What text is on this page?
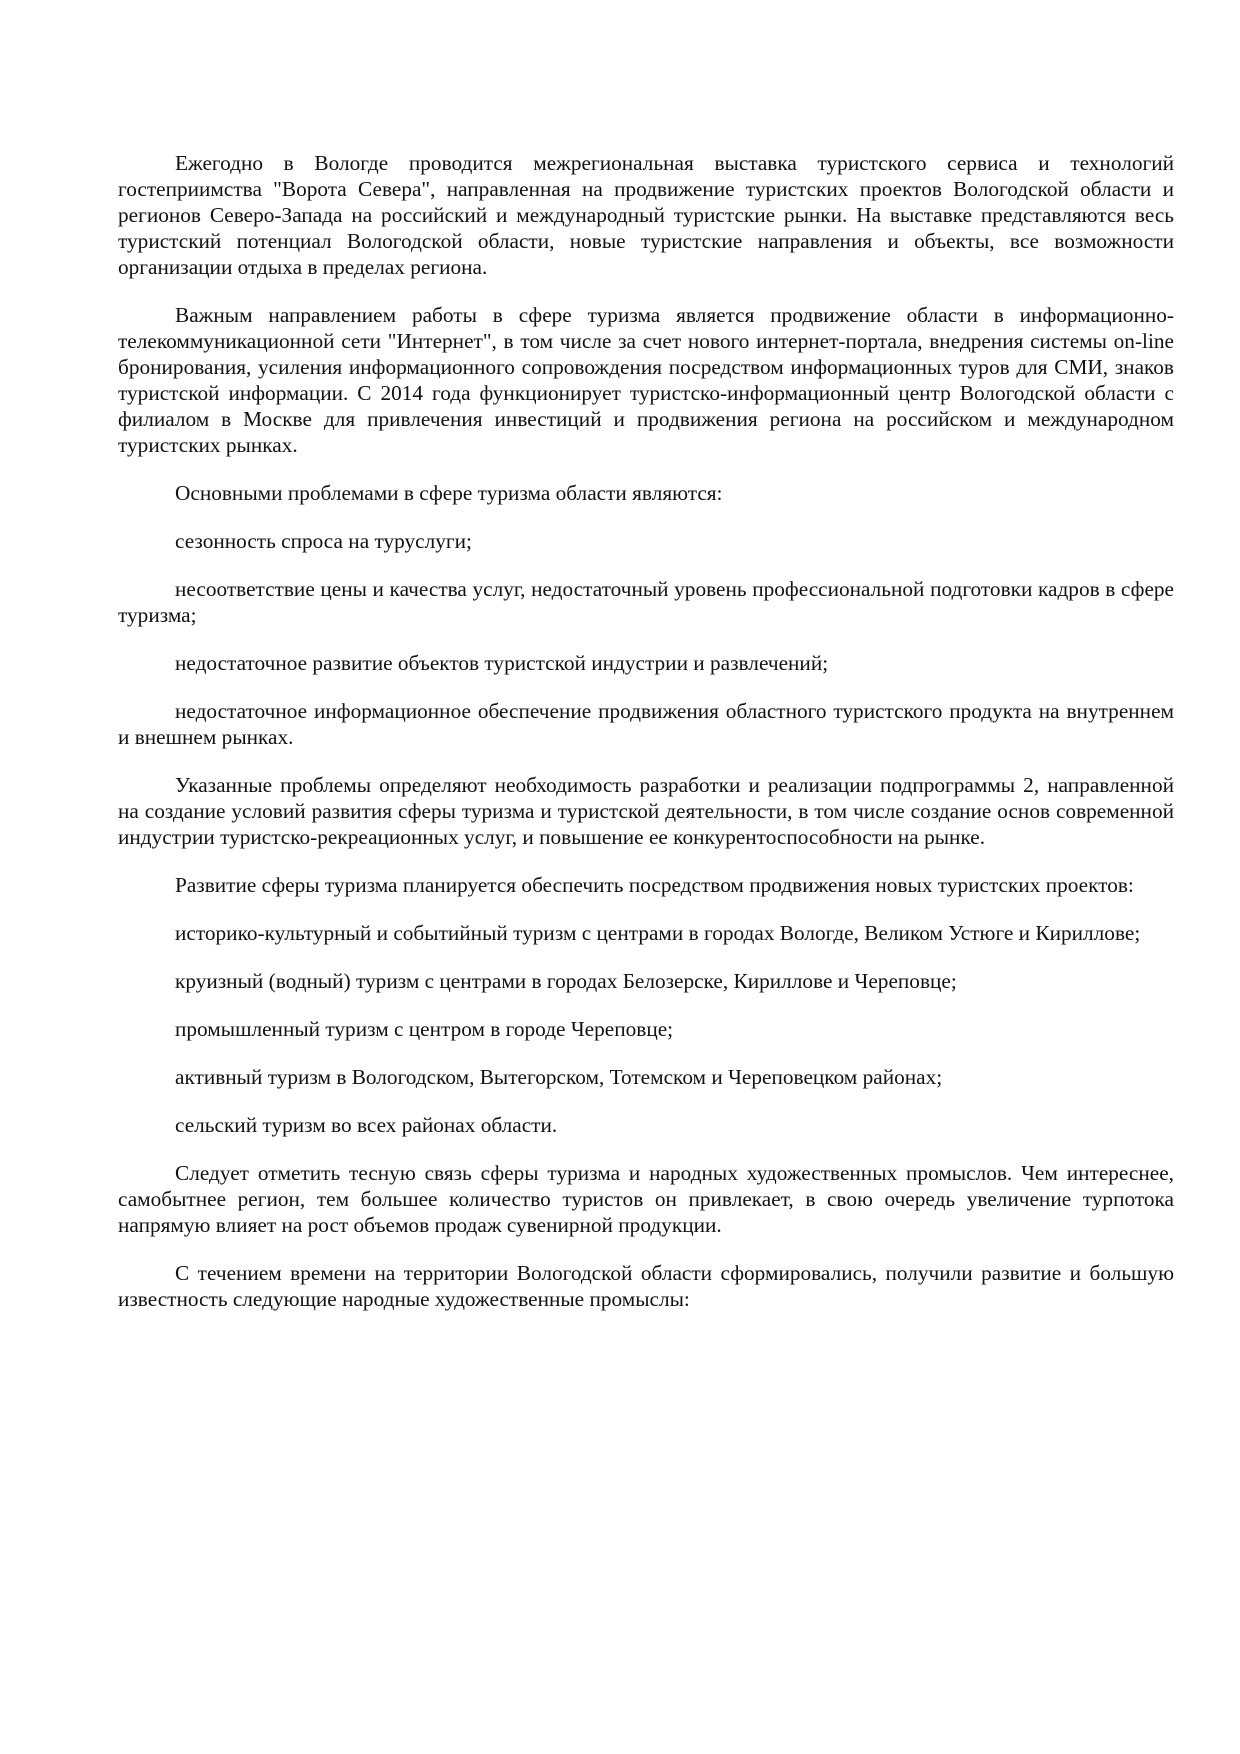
Ежегодно в Вологде проводится межрегиональная выставка туристского сервиса и технологий гостеприимства "Ворота Севера", направленная на продвижение туристских проектов Вологодской области и регионов Северо-Запада на российский и международный туристские рынки. На выставке представляются весь туристский потенциал Вологодской области, новые туристские направления и объекты, все возможности организации отдыха в пределах региона.

Важным направлением работы в сфере туризма является продвижение области в информационно-телекоммуникационной сети "Интернет", в том числе за счет нового интернет-портала, внедрения системы on-line бронирования, усиления информационного сопровождения посредством информационных туров для СМИ, знаков туристской информации. С 2014 года функционирует туристско-информационный центр Вологодской области с филиалом в Москве для привлечения инвестиций и продвижения региона на российском и международном туристских рынках.

Основными проблемами в сфере туризма области являются:

сезонность спроса на туруслуги;

несоответствие цены и качества услуг, недостаточный уровень профессиональной подготовки кадров в сфере туризма;

недостаточное развитие объектов туристской индустрии и развлечений;

недостаточное информационное обеспечение продвижения областного туристского продукта на внутреннем и внешнем рынках.

Указанные проблемы определяют необходимость разработки и реализации подпрограммы 2, направленной на создание условий развития сферы туризма и туристской деятельности, в том числе создание основ современной индустрии туристско-рекреационных услуг, и повышение ее конкурентоспособности на рынке.

Развитие сферы туризма планируется обеспечить посредством продвижения новых туристских проектов:

историко-культурный и событийный туризм с центрами в городах Вологде, Великом Устюге и Кириллове;

круизный (водный) туризм с центрами в городах Белозерске, Кириллове и Череповце;

промышленный туризм с центром в городе Череповце;

активный туризм в Вологодском, Вытегорском, Тотемском и Череповецком районах;

сельский туризм во всех районах области.

Следует отметить тесную связь сферы туризма и народных художественных промыслов. Чем интереснее, самобытнее регион, тем большее количество туристов он привлекает, в свою очередь увеличение турпотока напрямую влияет на рост объемов продаж сувенирной продукции.

С течением времени на территории Вологодской области сформировались, получили развитие и большую известность следующие народные художественные промыслы:
